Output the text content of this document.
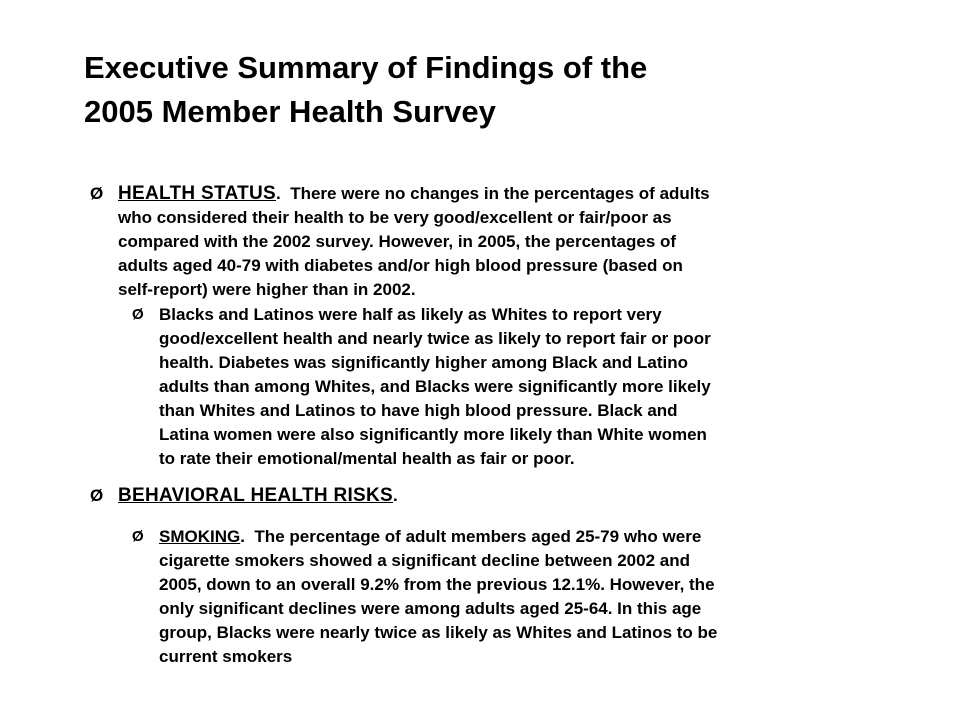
Executive Summary of Findings of the
2005 Member Health Survey
Ø HEALTH STATUS. There were no changes in the percentages of adults
who considered their health to be very good/excellent or fair/poor as
compared with the 2002 survey. However, in 2005, the percentages of
adults aged 40-79 with diabetes and/or high blood pressure (based on
self-report) were higher than in 2002.
Ø Blacks and Latinos were half as likely as Whites to report very
good/excellent health and nearly twice as likely to report fair or poor
health. Diabetes was significantly higher among Black and Latino
adults than among Whites, and Blacks were significantly more likely
than Whites and Latinos to have high blood pressure. Black and
Latina women were also significantly more likely than White women
to rate their emotional/mental health as fair or poor.
Ø BEHAVIORAL HEALTH RISKS.
Ø SMOKING. The percentage of adult members aged 25-79 who were
cigarette smokers showed a significant decline between 2002 and
2005, down to an overall 9.2% from the previous 12.1%. However, the
only significant declines were among adults aged 25-64. In this age
group, Blacks were nearly twice as likely as Whites and Latinos to be
current smokers
